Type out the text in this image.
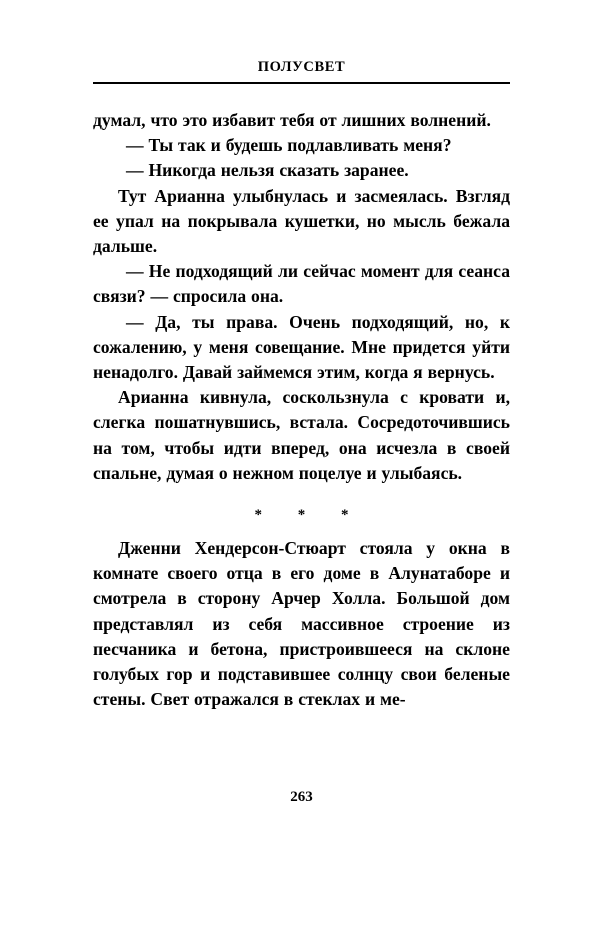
ПОЛУСВЕТ

думал, что это избавит тебя от лишних волнений.

— Ты так и будешь подлавливать меня?

— Никогда нельзя сказать заранее.

Тут Арианна улыбнулась и засмеялась. Взгляд ее упал на покрывала кушетки, но мысль бежала дальше.

— Не подходящий ли сейчас момент для сеанса связи? — спросила она.

— Да, ты права. Очень подходящий, но, к сожалению, у меня совещание. Мне придется уйти ненадолго. Давай займемся этим, когда я вернусь.

Арианна кивнула, соскользнула с кровати и, слегка пошатнувшись, встала. Сосредоточившись на том, чтобы идти вперед, она исчезла в своей спальне, думая о нежном поцелуе и улыбаясь.

* * *

Дженни Хендерсон-Стюарт стояла у окна в комнате своего отца в его доме в Алунатаборе и смотрела в сторону Арчер Холла. Большой дом представлял из себя массивное строение из песчаника и бетона, пристроившееся на склоне голубых гор и подставившее солнцу свои беленые стены. Свет отражался в стеклах и ме-

263
